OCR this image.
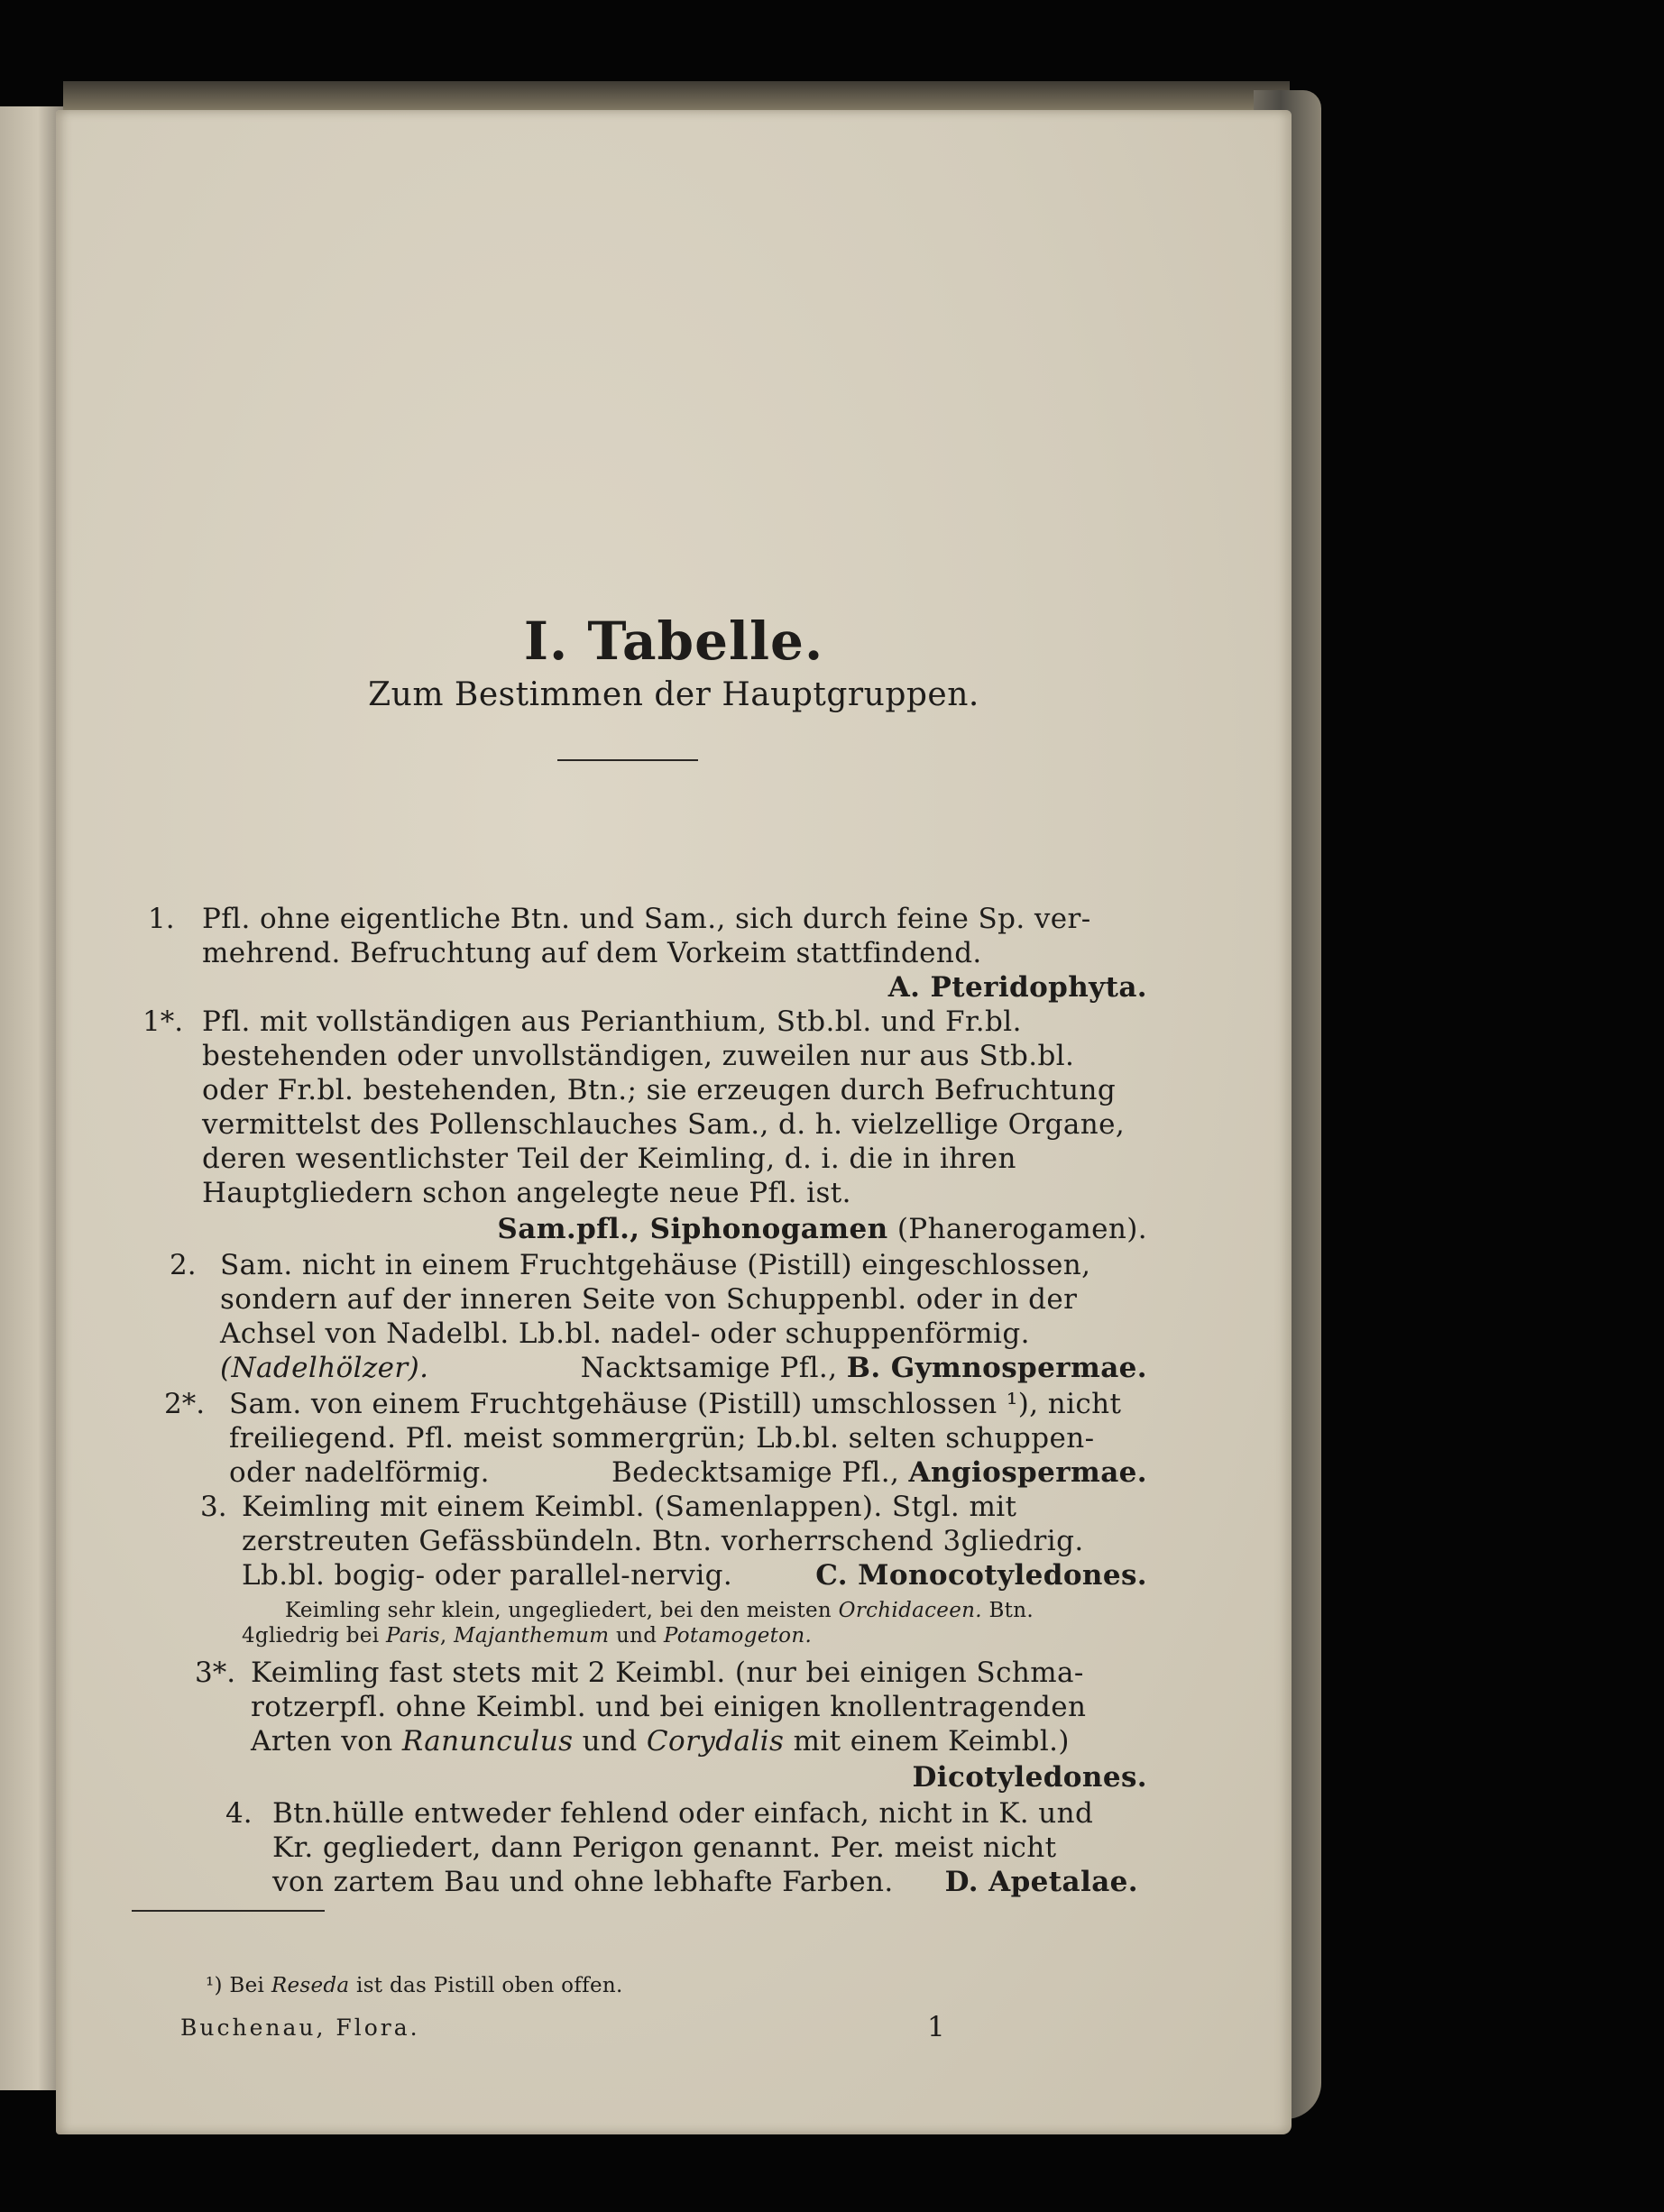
I. Tabelle.
Zum Bestimmen der Hauptgruppen.
1. Pfl. ohne eigentliche Btn. und Sam., sich durch feine Sp. ver-
mehrend. Befruchtung auf dem Vorkeim stattfindend.
A. Pteridophyta.
1*. Pfl. mit vollständigen aus Perianthium, Stb.bl. und Fr.bl.
bestehenden oder unvollständigen, zuweilen nur aus Stb.bl.
oder Fr.bl. bestehenden, Btn.; sie erzeugen durch Befruchtung
vermittelst des Pollenschlauches Sam., d. h. vielzellige Organe,
deren wesentlichster Teil der Keimling, d. i. die in ihren
Hauptgliedern schon angelegte neue Pfl. ist.
Sam.pfl., Siphonogamen (Phanerogamen).
2. Sam. nicht in einem Fruchtgehäuse (Pistill) eingeschlossen,
sondern auf der inneren Seite von Schuppenbl. oder in der
Achsel von Nadelbl. Lb.bl. nadel- oder schuppenförmig.
(Nadelhölzer).	Nacktsamige Pfl., B. Gymnospermae.
2*. Sam. von einem Fruchtgehäuse (Pistill) umschlossen ¹), nicht
freiliegend. Pfl. meist sommergrün; Lb.bl. selten schuppen-
oder nadelförmig.	Bedecktsamige Pfl., Angiospermae.
3. Keimling mit einem Keimbl. (Samenlappen). Stgl. mit
zerstreuten Gefässbündeln. Btn. vorherrschend 3gliedrig.
Lb.bl. bogig- oder parallel-nervig.	C. Monocotyledones.
Keimling sehr klein, ungegliedert, bei den meisten Orchidaceen. Btn.
4gliedrig bei Paris, Majanthemum und Potamogeton.
3*. Keimling fast stets mit 2 Keimbl. (nur bei einigen Schma-
rotzerpfl. ohne Keimbl. und bei einigen knollentragenden
Arten von Ranunculus und Corydalis mit einem Keimbl.)
Dicotyledones.
4. Btn.hülle entweder fehlend oder einfach, nicht in K. und
Kr. gegliedert, dann Perigon genannt. Per. meist nicht
von zartem Bau und ohne lebhafte Farben.	D. Apetalae.
¹) Bei Reseda ist das Pistill oben offen.
Buchenau, Flora.	1
